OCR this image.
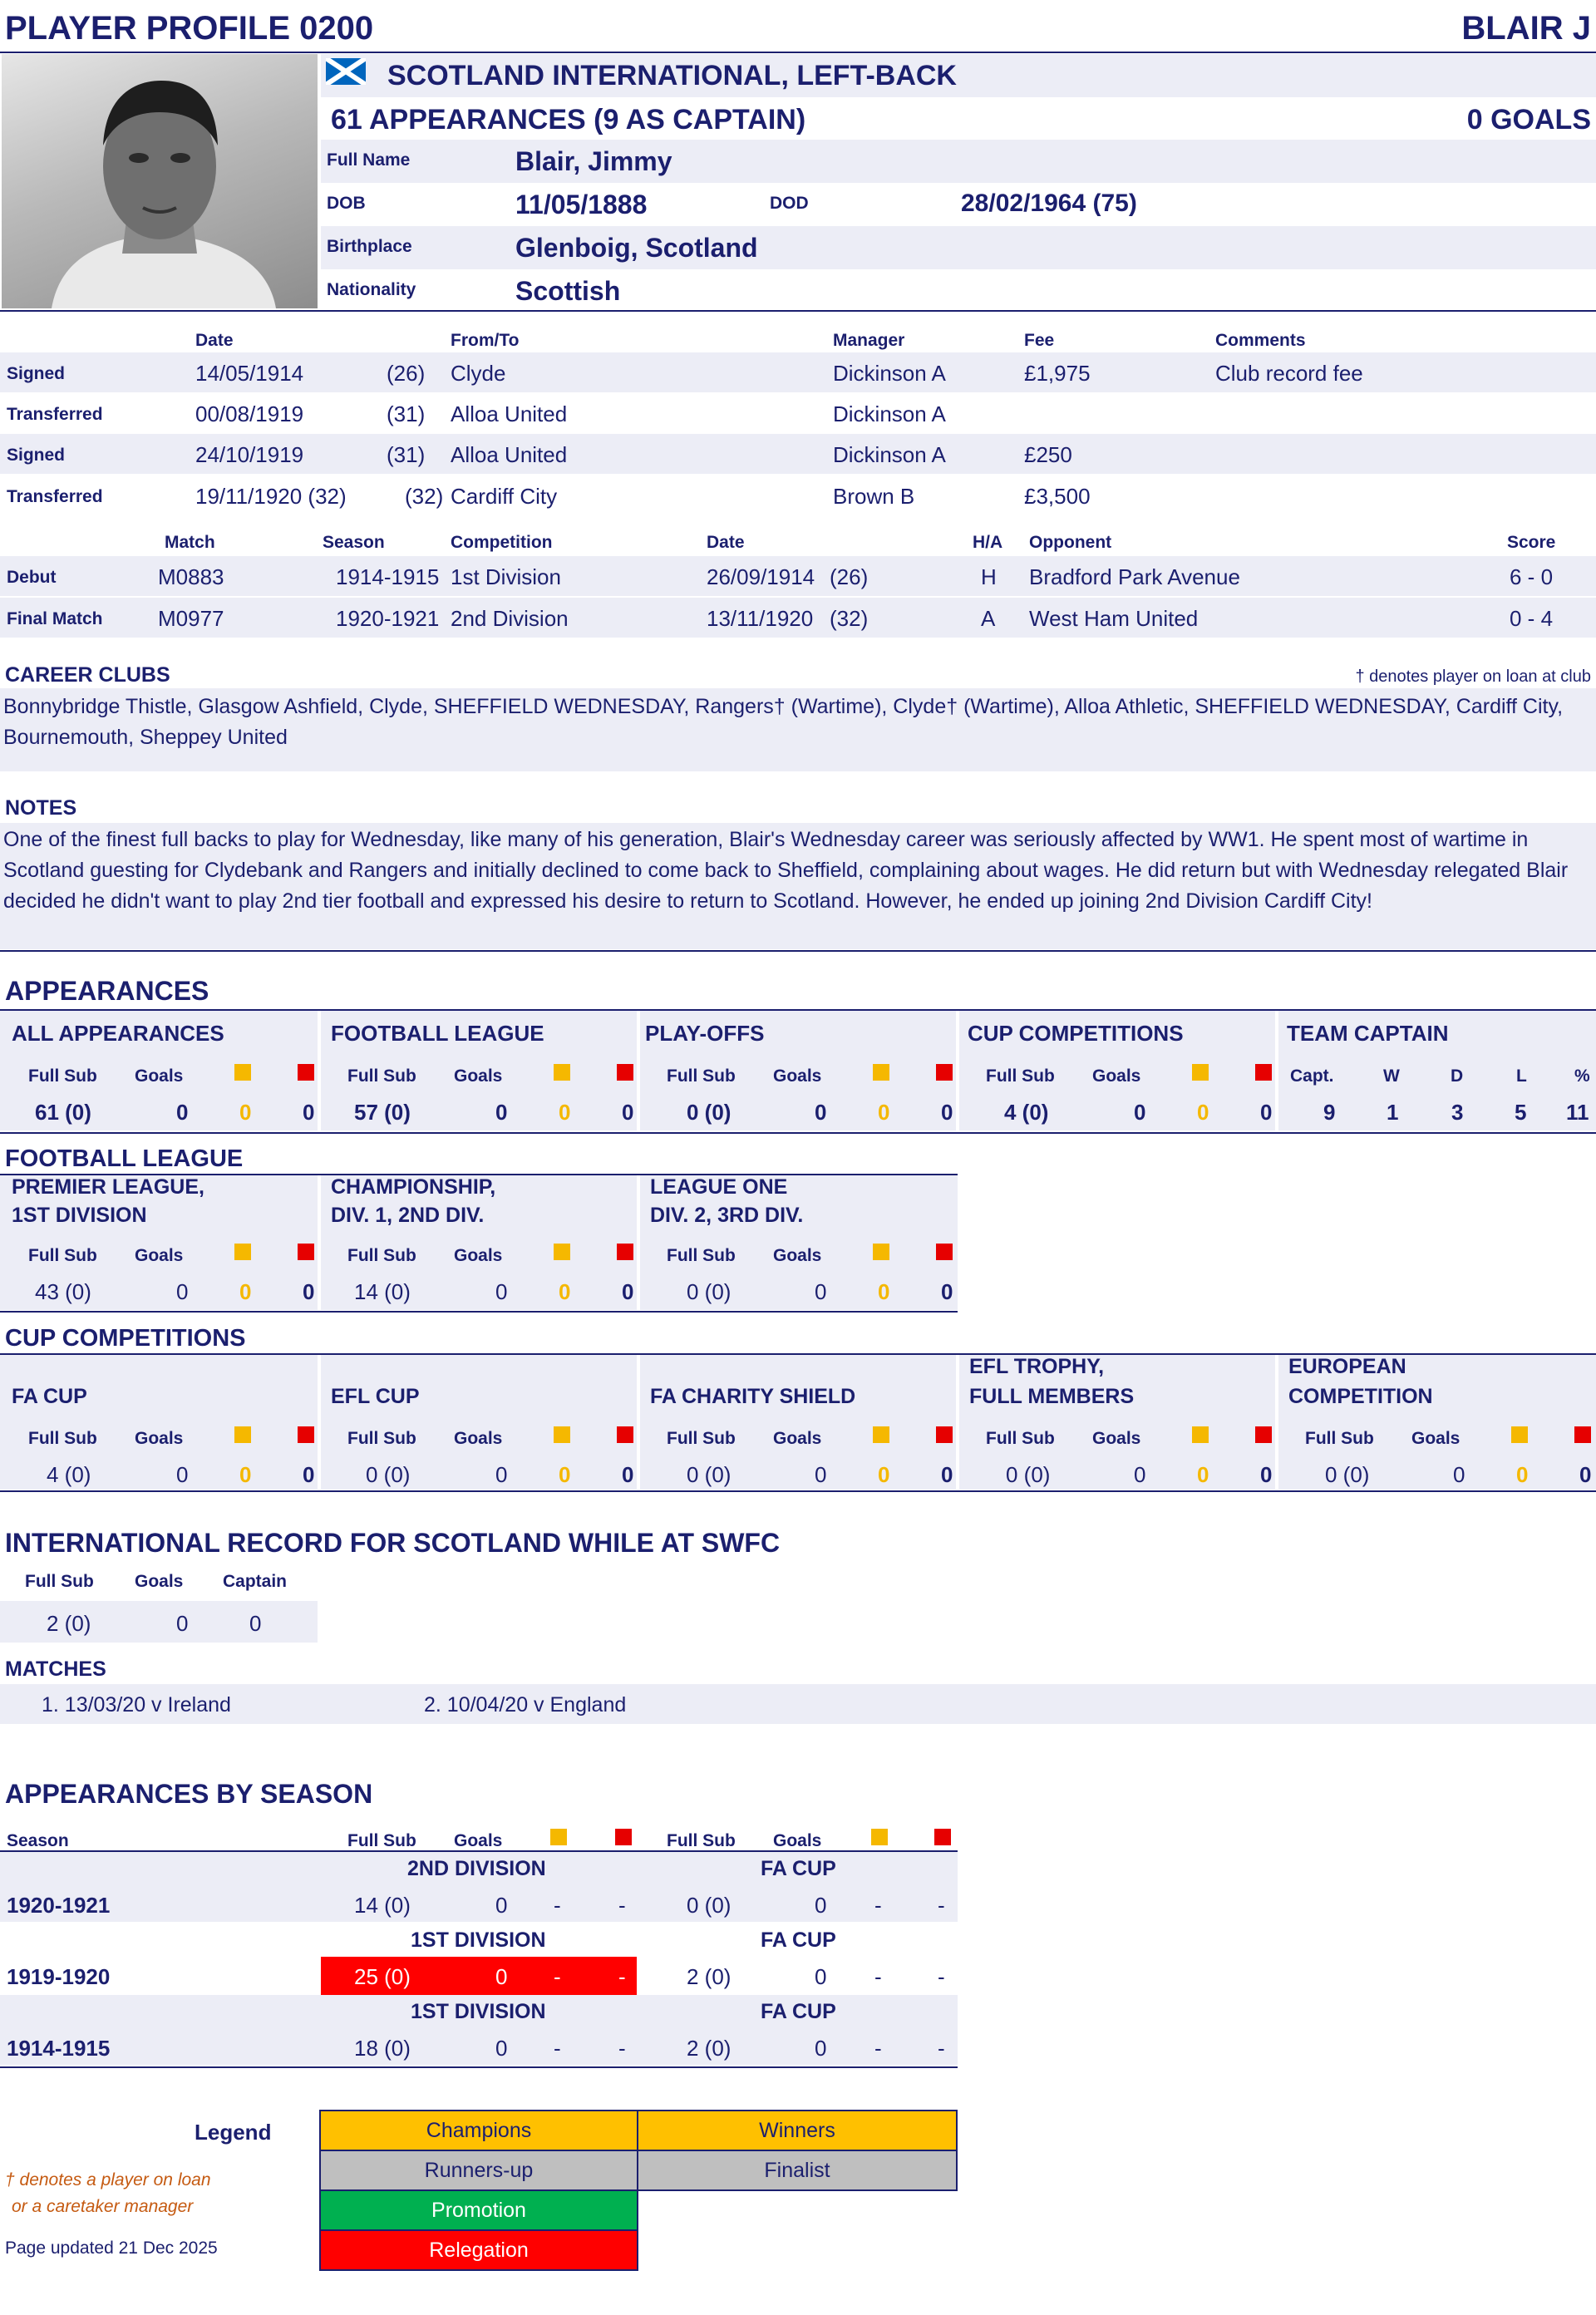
PLAYER PROFILE 0200	BLAIR J
SCOTLAND INTERNATIONAL, LEFT-BACK
61 APPEARANCES (9 AS CAPTAIN)	0 GOALS
Full Name	Blair, Jimmy
DOB	11/05/1888	DOD	28/02/1964 (75)
Birthplace	Glenboig, Scotland
Nationality	Scottish
Date	From/To	Manager	Fee	Comments
Signed	14/05/1914	(26) Clyde	Dickinson A	£1,975	Club record fee
Transferred	00/08/1919	(31) Alloa United	Dickinson A
Signed	24/10/1919	(31) Alloa United	Dickinson A	£250
Transferred	19/11/1920 (32)	(32) Cardiff City	Brown B	£3,500
Match	Season	Competition	Date	H/A Opponent	Score
Debut	M0883	1914-1915 1st Division	26/09/1914 (26)	H Bradford Park Avenue	6 - 0
Final Match	M0977	1920-1921 2nd Division	13/11/1920 (32)	A West Ham United	0 - 4
CAREER CLUBS	† denotes player on loan at club
Bonnybridge Thistle, Glasgow Ashfield, Clyde, SHEFFIELD WEDNESDAY, Rangers† (Wartime), Clyde† (Wartime), Alloa Athletic, SHEFFIELD WEDNESDAY, Cardiff City, Bournemouth, Sheppey United
NOTES
One of the finest full backs to play for Wednesday, like many of his generation, Blair's Wednesday career was seriously affected by WW1. He spent most of wartime in Scotland guesting for Clydebank and Rangers and initially declined to come back to Sheffield, complaining about wages. He did return but with Wednesday relegated Blair decided he didn't want to play 2nd tier football and expressed his desire to return to Scotland. However, he ended up joining 2nd Division Cardiff City!
APPEARANCES
ALL APPEARANCES
Full Sub Goals
61 (0)	0 0 0
FOOTBALL LEAGUE
Full Sub Goals
57 (0)	0 0 0
PLAY-OFFS
Full Sub Goals
0 (0)	0 0 0
CUP COMPETITIONS
Full Sub Goals
4 (0)	0 0 0
TEAM CAPTAIN
Capt.	W	D	L	%
9 1 3 5 11
FOOTBALL LEAGUE
PREMIER LEAGUE,
1ST DIVISION
Full Sub Goals
43 (0)	0 0 0
CHAMPIONSHIP,
DIV. 1, 2ND DIV.
Full Sub Goals
14 (0)	0 0 0
LEAGUE ONE
DIV. 2, 3RD DIV.
Full Sub Goals
0 (0)	0 0 0
CUP COMPETITIONS
FA CUP
Full Sub Goals
4 (0)	0 0 0
EFL CUP
Full Sub Goals
0 (0)	0 0 0
FA CHARITY SHIELD
Full Sub Goals
0 (0)	0 0 0
EFL TROPHY,
FULL MEMBERS
Full Sub Goals
0 (0)	0 0 0
EUROPEAN
COMPETITION
Full Sub Goals
0 (0)	0 0 0
INTERNATIONAL RECORD FOR SCOTLAND WHILE AT SWFC
Full Sub Goals Captain
2 (0)	0	0
MATCHES
1. 13/03/20 v Ireland	2. 10/04/20 v England
APPEARANCES BY SEASON
Season	Full Sub Goals	Full Sub Goals
2ND DIVISION	FA CUP
1920-1921	14 (0)	0 -	-	0 (0)	0 -	-
1ST DIVISION	FA CUP
1919-1920	25 (0)	0 -	-	2 (0)	0 -	-
1ST DIVISION	FA CUP
1914-1915	18 (0)	0 -	-	2 (0)	0 -	-
Legend	Champions	Winners
Runners-up	Finalist
Promotion
Relegation
† denotes a player on loan
or a caretaker manager
Page updated 21 Dec 2025
